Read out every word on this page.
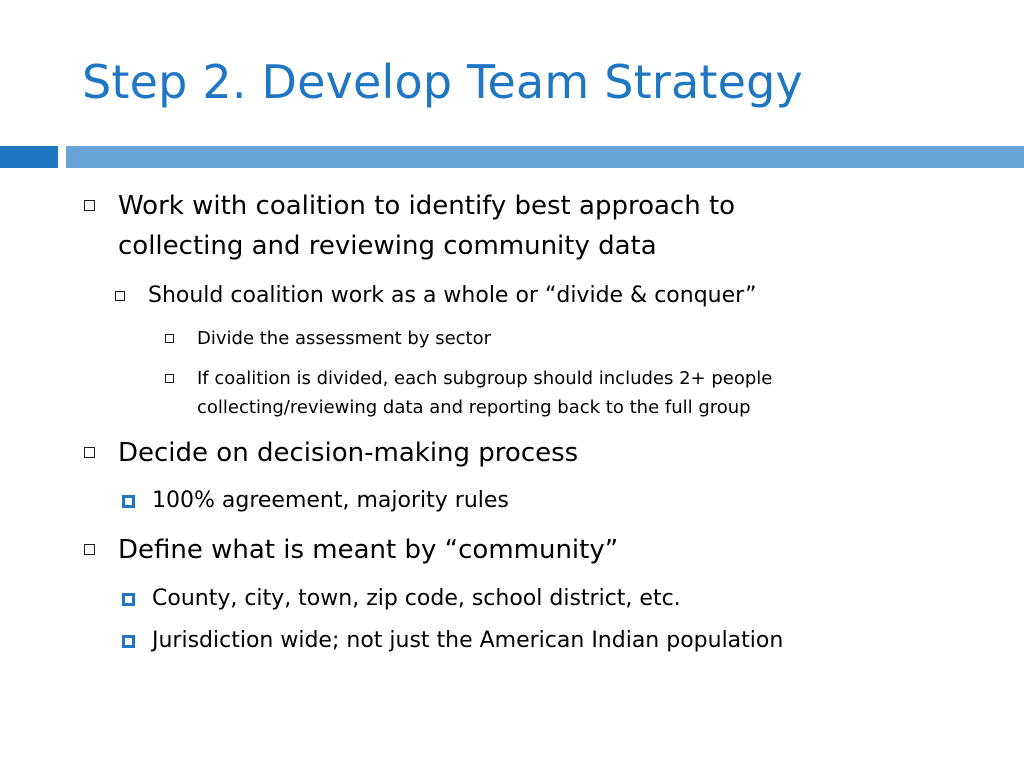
Step 2. Develop Team Strategy
Work with coalition to identify best approach to
collecting and reviewing community data
Should coalition work as a whole or “divide & conquer”
Divide the assessment by sector
If coalition is divided, each subgroup should includes 2+ people
collecting/reviewing data and reporting back to the full group
Decide on decision-making process
100% agreement, majority rules
Define what is meant by “community”
County, city, town, zip code, school district, etc.
Jurisdiction wide; not just the American Indian population
